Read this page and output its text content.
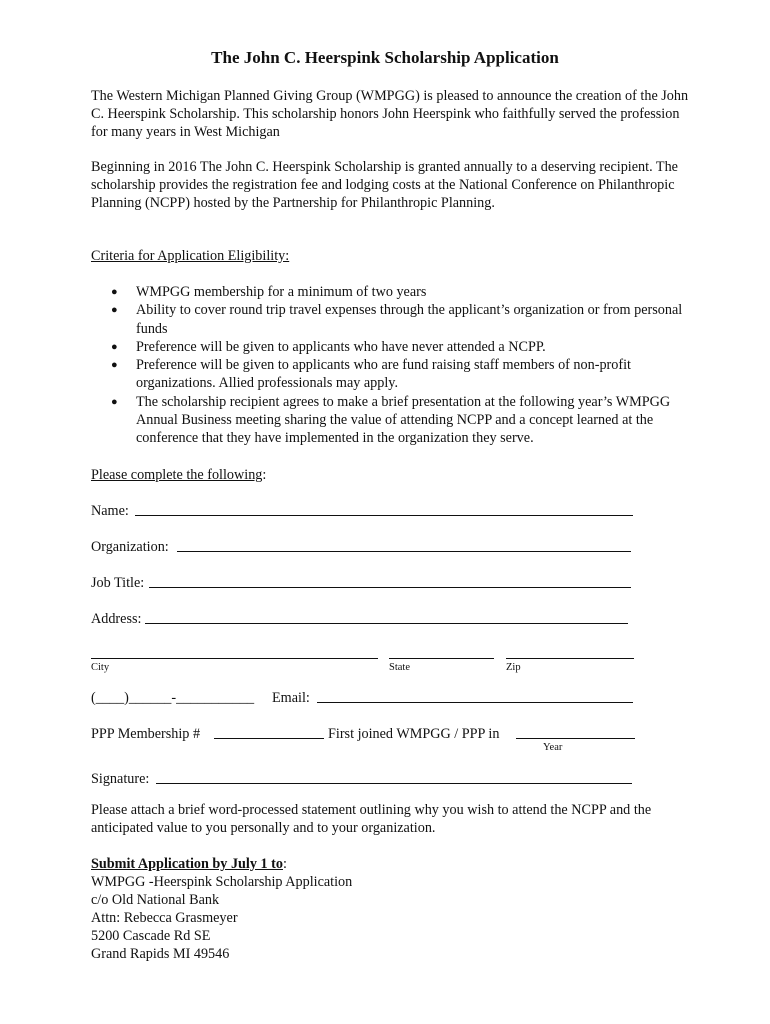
The John C. Heerspink Scholarship Application

The Western Michigan Planned Giving Group (WMPGG) is pleased to announce the creation of the John C. Heerspink Scholarship. This scholarship honors John Heerspink who faithfully served the profession for many years in West Michigan

Beginning in 2016 The John C. Heerspink Scholarship is granted annually to a deserving recipient. The scholarship provides the registration fee and lodging costs at the National Conference on Philanthropic Planning (NCPP) hosted by the Partnership for Philanthropic Planning.

Criteria for Application Eligibility:

● WMPGG membership for a minimum of two years
● Ability to cover round trip travel expenses through the applicant’s organization or from personal funds
● Preference will be given to applicants who have never attended a NCPP.
● Preference will be given to applicants who are fund raising staff members of non-profit organizations. Allied professionals may apply.
● The scholarship recipient agrees to make a brief presentation at the following year’s WMPGG Annual Business meeting sharing the value of attending NCPP and a concept learned at the conference that they have implemented in the organization they serve.

Please complete the following:

Name:
Organization:
Job Title:
Address:
City	State	Zip
(____)______-___________ Email:
PPP Membership #	First joined WMPGG / PPP in
Year
Signature:

Please attach a brief word-processed statement outlining why you wish to attend the NCPP and the anticipated value to you personally and to your organization.

Submit Application by July 1 to:

WMPGG -Heerspink Scholarship Application
c/o Old National Bank
Attn: Rebecca Grasmeyer
5200 Cascade Rd SE
Grand Rapids MI 49546
